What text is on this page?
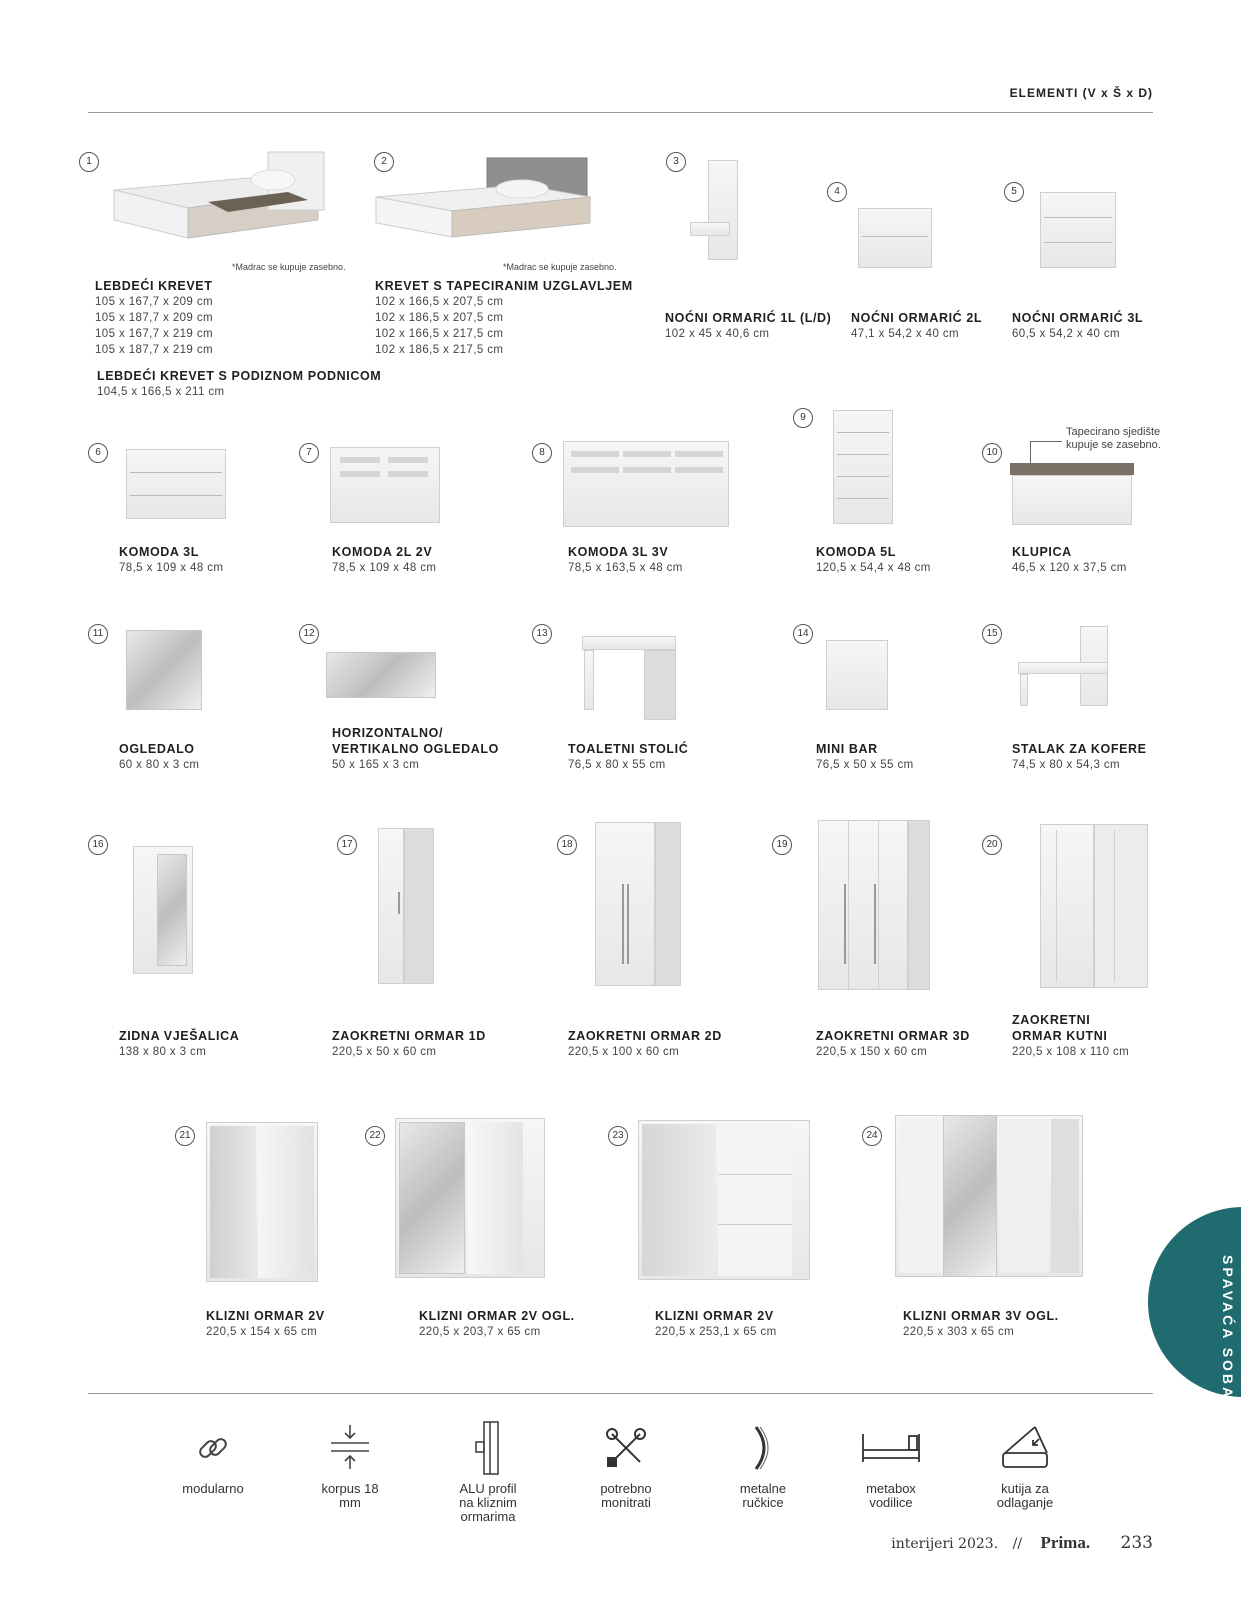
ELEMENTI (V x Š x D)
1
*Madrac se kupuje zasebno.
LEBDEĆI KREVET
105 x 167,7 x 209 cm
105 x 187,7 x 209 cm
105 x 167,7 x 219 cm
105 x 187,7 x 219 cm
LEBDEĆI KREVET S PODIZNOM PODNICOM
104,5 x 166,5 x 211 cm
2
*Madrac se kupuje zasebno.
KREVET S TAPECIRANIM UZGLAVLJEM
102 x 166,5 x 207,5 cm
102 x 186,5 x 207,5 cm
102 x 166,5 x 217,5 cm
102 x 186,5 x 217,5 cm
3
NOĆNI ORMARIĆ 1L (L/D)
102 x 45 x 40,6 cm
4
NOĆNI ORMARIĆ 2L
47,1 x 54,2 x 40 cm
5
NOĆNI ORMARIĆ 3L
60,5 x 54,2 x 40 cm
6
KOMODA 3L
78,5 x 109 x 48 cm
7
KOMODA 2L 2V
78,5 x 109 x 48 cm
8
KOMODA 3L 3V
78,5 x 163,5 x 48 cm
9
KOMODA 5L
120,5 x 54,4 x 48 cm
10
Tapecirano sjedište kupuje se zasebno.
KLUPICA
46,5 x 120 x 37,5 cm
11
OGLEDALO
60 x 80 x 3 cm
12
HORIZONTALNO/ VERTIKALNO OGLEDALO
50 x 165 x 3 cm
13
TOALETNI STOLIĆ
76,5 x 80 x 55 cm
14
MINI BAR
76,5 x 50 x 55 cm
15
STALAK ZA KOFERE
74,5 x 80 x 54,3 cm
16
ZIDNA VJEŠALICA
138 x 80 x 3 cm
17
ZAOKRETNI ORMAR 1D
220,5 x 50 x 60 cm
18
ZAOKRETNI ORMAR 2D
220,5 x 100 x 60 cm
19
ZAOKRETNI ORMAR 3D
220,5 x 150 x 60 cm
20
ZAOKRETNI ORMAR KUTNI
220,5 x 108 x 110 cm
21
KLIZNI ORMAR 2V
220,5 x 154 x 65 cm
22
KLIZNI ORMAR 2V OGL.
220,5 x 203,7 x 65 cm
23
KLIZNI ORMAR 2V
220,5 x 253,1 x 65 cm
24
KLIZNI ORMAR 3V OGL.
220,5 x 303 x 65 cm	SPAVAĆA SOBA
modularno	korpus 18 mm
ALU profil na kliznim ormarima
potrebno monitrati
metalne ručkice
metabox vodilice
kutija za odlaganje
interijeri 2023. // Prima. 233
